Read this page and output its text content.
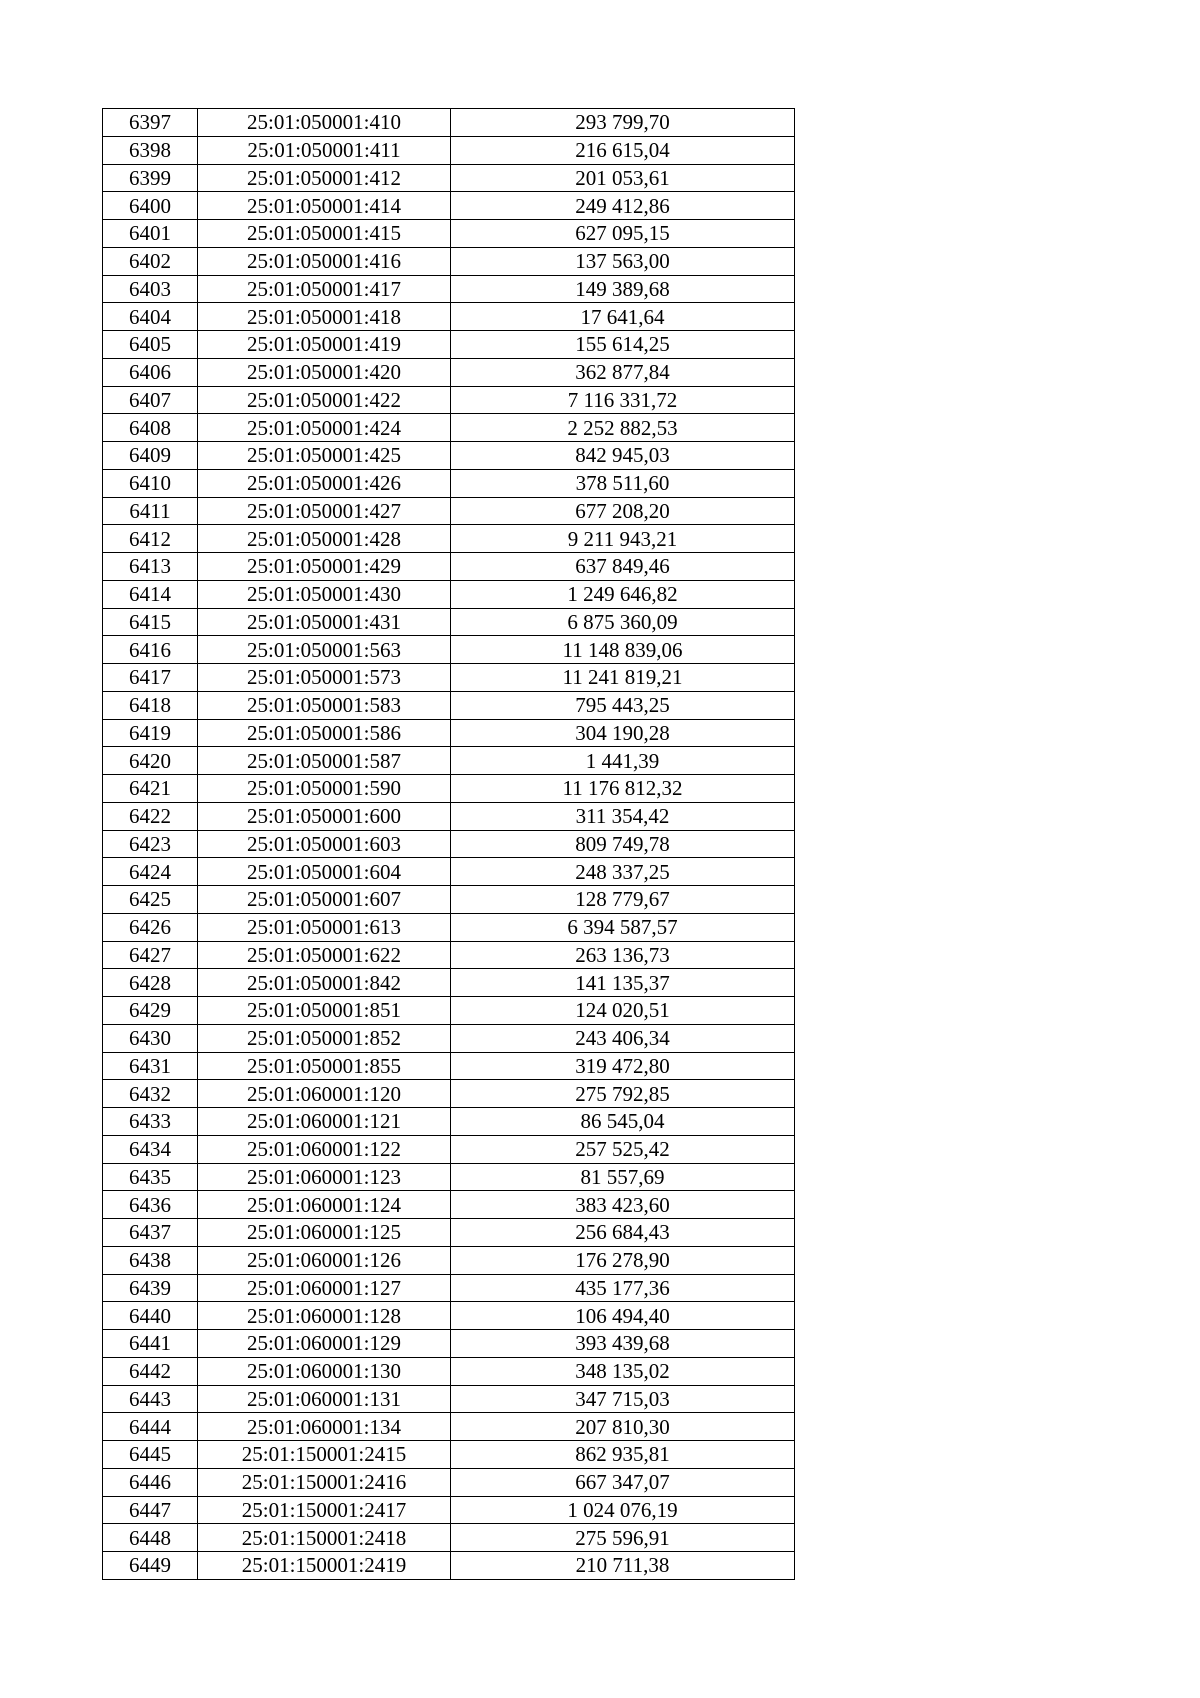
6397	25:01:050001:410	293 799,70
6398	25:01:050001:411	216 615,04
6399	25:01:050001:412	201 053,61
6400	25:01:050001:414	249 412,86
6401	25:01:050001:415	627 095,15
6402	25:01:050001:416	137 563,00
6403	25:01:050001:417	149 389,68
6404	25:01:050001:418	17 641,64
6405	25:01:050001:419	155 614,25
6406	25:01:050001:420	362 877,84
6407	25:01:050001:422	7 116 331,72
6408	25:01:050001:424	2 252 882,53
6409	25:01:050001:425	842 945,03
6410	25:01:050001:426	378 511,60
6411	25:01:050001:427	677 208,20
6412	25:01:050001:428	9 211 943,21
6413	25:01:050001:429	637 849,46
6414	25:01:050001:430	1 249 646,82
6415	25:01:050001:431	6 875 360,09
6416	25:01:050001:563	11 148 839,06
6417	25:01:050001:573	11 241 819,21
6418	25:01:050001:583	795 443,25
6419	25:01:050001:586	304 190,28
6420	25:01:050001:587	1 441,39
6421	25:01:050001:590	11 176 812,32
6422	25:01:050001:600	311 354,42
6423	25:01:050001:603	809 749,78
6424	25:01:050001:604	248 337,25
6425	25:01:050001:607	128 779,67
6426	25:01:050001:613	6 394 587,57
6427	25:01:050001:622	263 136,73
6428	25:01:050001:842	141 135,37
6429	25:01:050001:851	124 020,51
6430	25:01:050001:852	243 406,34
6431	25:01:050001:855	319 472,80
6432	25:01:060001:120	275 792,85
6433	25:01:060001:121	86 545,04
6434	25:01:060001:122	257 525,42
6435	25:01:060001:123	81 557,69
6436	25:01:060001:124	383 423,60
6437	25:01:060001:125	256 684,43
6438	25:01:060001:126	176 278,90
6439	25:01:060001:127	435 177,36
6440	25:01:060001:128	106 494,40
6441	25:01:060001:129	393 439,68
6442	25:01:060001:130	348 135,02
6443	25:01:060001:131	347 715,03
6444	25:01:060001:134	207 810,30
6445	25:01:150001:2415	862 935,81
6446	25:01:150001:2416	667 347,07
6447	25:01:150001:2417	1 024 076,19
6448	25:01:150001:2418	275 596,91
6449	25:01:150001:2419	210 711,38
